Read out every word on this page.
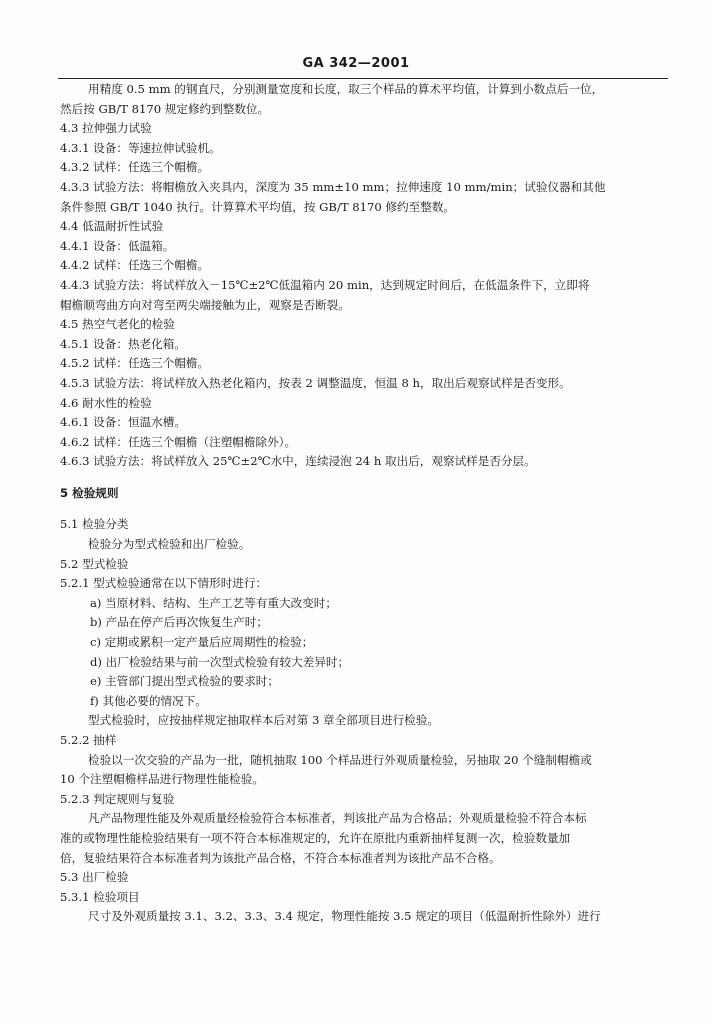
GA 342—2001
用精度 0.5 mm 的钢直尺，分别测量宽度和长度，取三个样品的算术平均值，计算到小数点后一位，
然后按 GB/T 8170 规定修约到整数位。
4.3 拉伸强力试验
4.3.1 设备：等速拉伸试验机。
4.3.2 试样：任选三个帽檐。
4.3.3 试验方法：将帽檐放入夹具内，深度为 35 mm±10 mm；拉伸速度 10 mm/min；试验仪器和其他
条件参照 GB/T 1040 执行。计算算术平均值，按 GB/T 8170 修约至整数。
4.4 低温耐折性试验
4.4.1 设备：低温箱。
4.4.2 试样：任选三个帽檐。
4.4.3 试验方法：将试样放入－15℃±2℃低温箱内 20 min，达到规定时间后，在低温条件下，立即将
帽檐顺弯曲方向对弯至两尖端接触为止，观察是否断裂。
4.5 热空气老化的检验
4.5.1 设备：热老化箱。
4.5.2 试样：任选三个帽檐。
4.5.3 试验方法：将试样放入热老化箱内，按表 2 调整温度，恒温 8 h，取出后观察试样是否变形。
4.6 耐水性的检验
4.6.1 设备：恒温水槽。
4.6.2 试样：任选三个帽檐（注塑帽檐除外）。
4.6.3 试验方法：将试样放入 25℃±2℃水中，连续浸泡 24 h 取出后，观察试样是否分层。
5 检验规则
5.1 检验分类
检验分为型式检验和出厂检验。
5.2 型式检验
5.2.1 型式检验通常在以下情形时进行：
a) 当原材料、结构、生产工艺等有重大改变时；
b) 产品在停产后再次恢复生产时；
c) 定期或累积一定产量后应周期性的检验；
d) 出厂检验结果与前一次型式检验有较大差异时；
e) 主管部门提出型式检验的要求时；
f) 其他必要的情况下。
型式检验时，应按抽样规定抽取样本后对第 3 章全部项目进行检验。
5.2.2 抽样
检验以一次交验的产品为一批，随机抽取 100 个样品进行外观质量检验，另抽取 20 个缝制帽檐或
10 个注塑帽檐样品进行物理性能检验。
5.2.3 判定规则与复验
凡产品物理性能及外观质量经检验符合本标准者，判该批产品为合格品；外观质量检验不符合本标
准的或物理性能检验结果有一项不符合本标准规定的，允许在原批内重新抽样复测一次，检验数量加
倍，复验结果符合本标准者判为该批产品合格，不符合本标准者判为该批产品不合格。
5.3 出厂检验
5.3.1 检验项目
尺寸及外观质量按 3.1、3.2、3.3、3.4 规定，物理性能按 3.5 规定的项目（低温耐折性除外）进行
